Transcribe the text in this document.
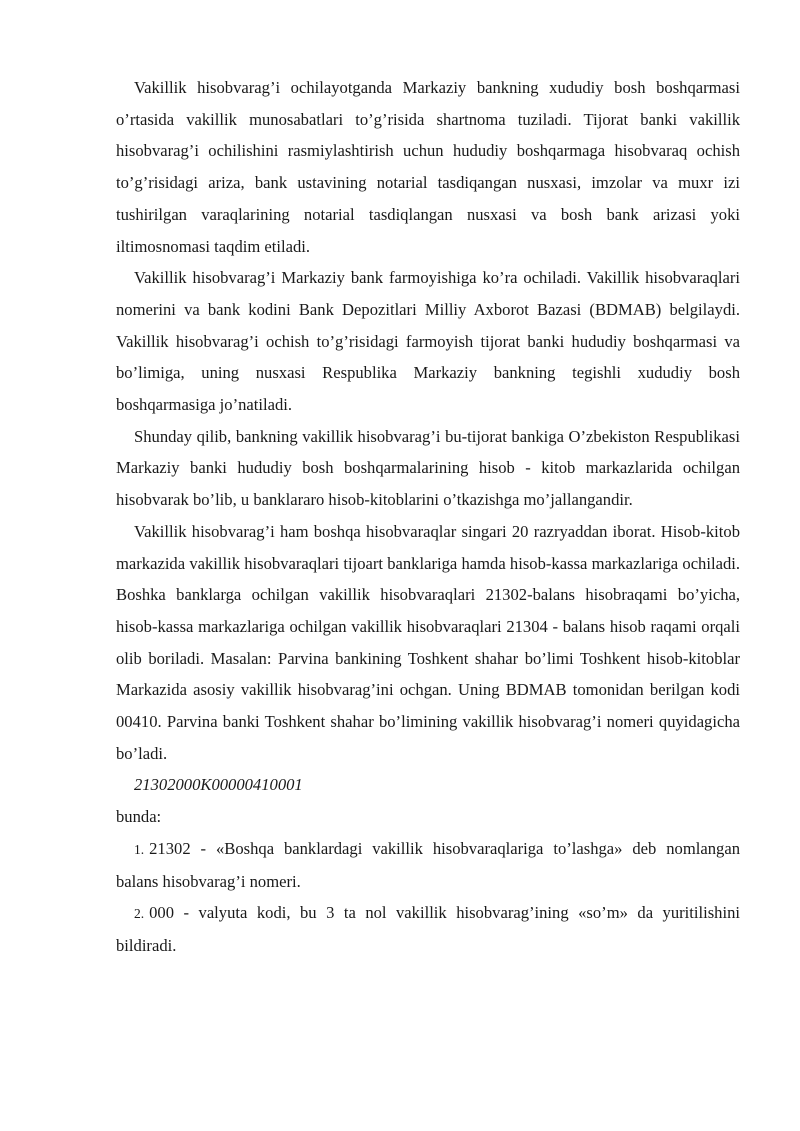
Vakillik hisobvarag’i ochilayotganda Markaziy bankning xududiy bosh boshqarmasi o’rtasida vakillik munosabatlari to’g’risida shartnoma tuziladi. Tijorat banki vakillik hisobvarag’i ochilishini rasmiylashtirish uchun hududiy boshqarmaga hisobvaraq ochish to’g’risidagi ariza, bank ustavining notarial tasdiqangan nusxasi, imzolar va muxr izi tushirilgan varaqlarining notarial tasdiqlangan nusxasi va bosh bank arizasi yoki iltimosnomasi taqdim etiladi.

Vakillik hisobvarag’i Markaziy bank farmoyishiga ko’ra ochiladi. Vakillik hisobvaraqlari nomerini va bank kodini Bank Depozitlari Milliy Axborot Bazasi (BDMAB) belgilaydi. Vakillik hisobvarag’i ochish to’g’risidagi farmoyish tijorat banki hududiy boshqarmasi va bo’limiga, uning nusxasi Respublika Markaziy bankning tegishli xududiy bosh boshqarmasiga jo’natiladi.

Shunday qilib, bankning vakillik hisobvarag’i bu-tijorat bankiga O’zbekiston Respublikasi Markaziy banki hududiy bosh boshqarmalarining hisob - kitob markazlarida ochilgan hisobvarak bo’lib, u banklararo hisob-kitoblarini o’tkazishga mo’jallangandir.

Vakillik hisobvarag’i ham boshqa hisobvaraqlar singari 20 razryaddan iborat. Hisob-kitob markazida vakillik hisobvaraqlari tijoart banklariga hamda hisob-kassa markazlariga ochiladi. Boshka banklarga ochilgan vakillik hisobvaraqlari 21302-balans hisobraqami bo’yicha, hisob-kassa markazlariga ochilgan vakillik hisobvaraqlari 21304 - balans hisob raqami orqali olib boriladi. Masalan: Parvina bankining Toshkent shahar bo’limi Toshkent hisob-kitoblar Markazida asosiy vakillik hisobvarag’ini ochgan. Uning BDMAB tomonidan berilgan kodi 00410. Parvina banki Toshkent shahar bo’limining vakillik hisobvarag’i nomeri quyidagicha bo’ladi.

21302000K00000410001

bunda:

1. 21302 - «Boshqa banklardagi vakillik hisobvaraqlariga to’lashga» deb nomlangan balans hisobvarag’i nomeri.

2. 000 - valyuta kodi, bu 3 ta nol vakillik hisobvarag’ining «so’m» da yuritilishini bildiradi.
